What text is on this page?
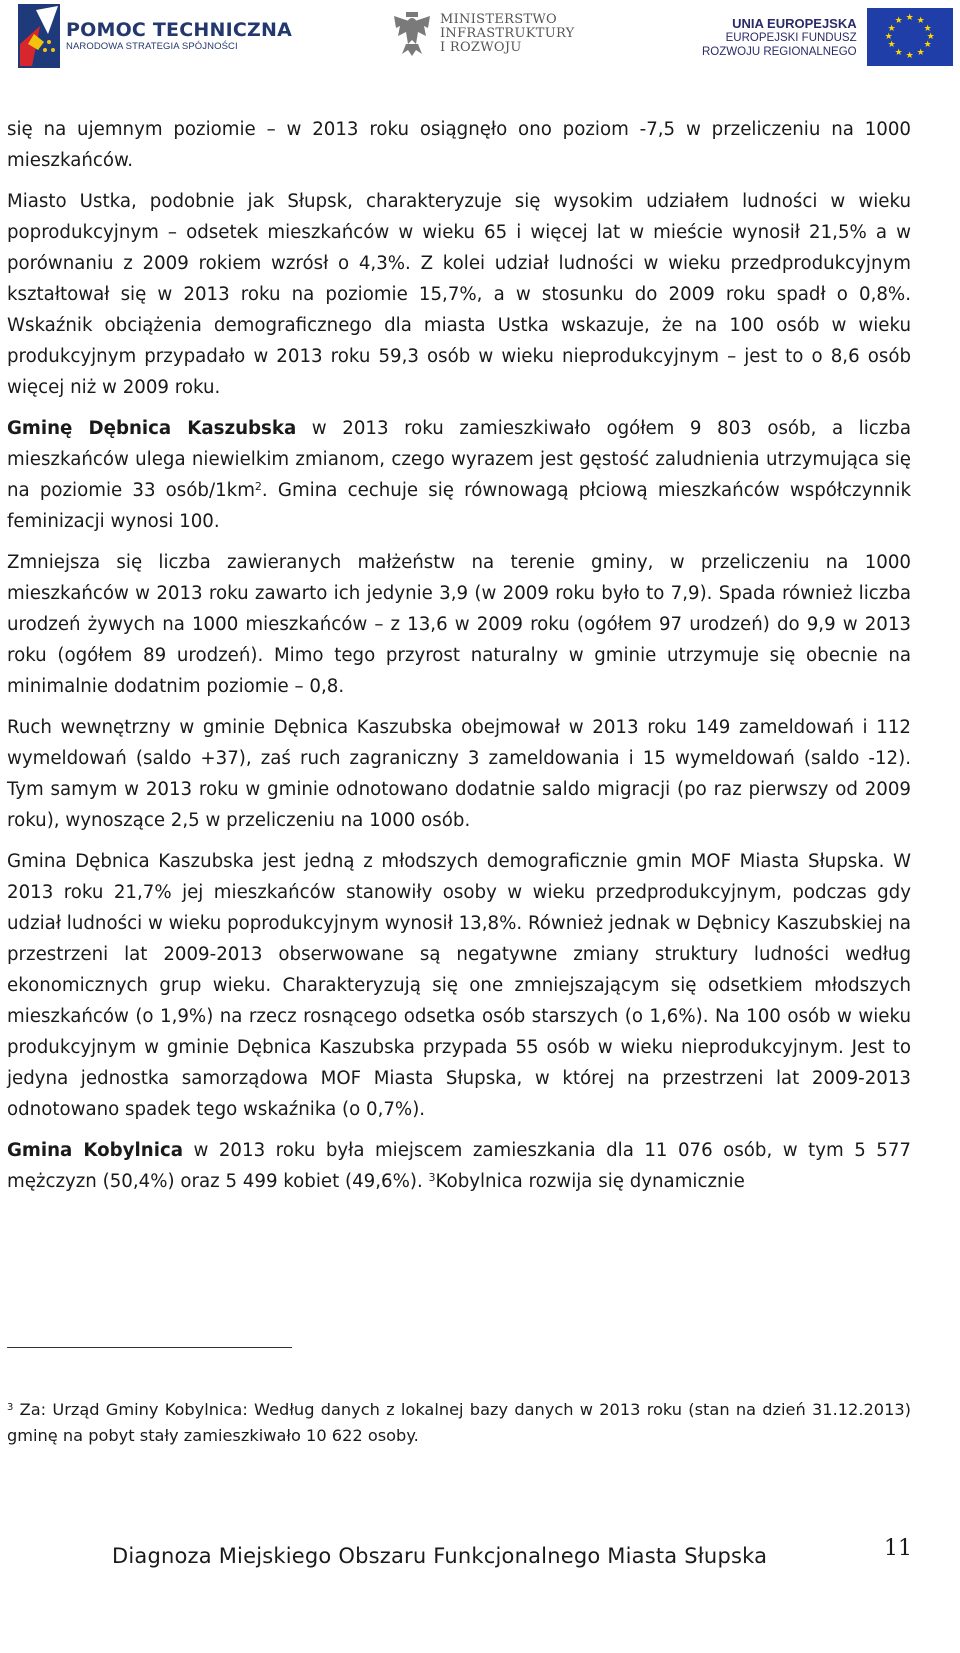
POMOC TECHNICZNA
NARODOWA STRATEGIA SPÓJNOŚCI
MINISTERSTWO
INFRASTRUKTURY
I ROZWOJU
UNIA EUROPEJSKA
EUROPEJSKI FUNDUSZ
ROZWOJU REGIONALNEGO
★ ★
★
★
★
★
★
★
★
★
★
★

się na ujemnym poziomie – w 2013 roku osiągnęło ono poziom -7,5 w przeliczeniu na 1000 mieszkańców.

Miasto Ustka, podobnie jak Słupsk, charakteryzuje się wysokim udziałem ludności w wieku poprodukcyjnym – odsetek mieszkańców w wieku 65 i więcej lat w mieście wynosił 21,5% a w porównaniu z 2009 rokiem wzrósł o 4,3%. Z kolei udział ludności w wieku przedprodukcyjnym kształtował się w 2013 roku na poziomie 15,7%, a w stosunku do 2009 roku spadł o 0,8%. Wskaźnik obciążenia demograficznego dla miasta Ustka wskazuje, że na 100 osób w wieku produkcyjnym przypadało w 2013 roku 59,3 osób w wieku nieprodukcyjnym – jest to o 8,6 osób więcej niż w 2009 roku.

Gminę Dębnica Kaszubska w 2013 roku zamieszkiwało ogółem 9 803 osób, a liczba mieszkańców ulega niewielkim zmianom, czego wyrazem jest gęstość zaludnienia utrzymująca się na poziomie 33 osób/$1km^2$. Gmina cechuje się równowagą płciową mieszkańców współczynnik feminizacji wynosi 100.

Zmniejsza się liczba zawieranych małżeństw na terenie gminy, w przeliczeniu na 1000 mieszkańców w 2013 roku zawarto ich jedynie 3,9 (w 2009 roku było to 7,9). Spada również liczba urodzeń żywych na 1000 mieszkańców – z 13,6 w 2009 roku (ogółem 97 urodzeń) do 9,9 w 2013 roku (ogółem 89 urodzeń). Mimo tego przyrost naturalny w gminie utrzymuje się obecnie na minimalnie dodatnim poziomie – 0,8.

Ruch wewnętrzny w gminie Dębnica Kaszubska obejmował w 2013 roku 149 zameldowań i 112 wymeldowań (saldo +37), zaś ruch zagraniczny 3 zameldowania i 15 wymeldowań (saldo -12). Tym samym w 2013 roku w gminie odnotowano dodatnie saldo migracji (po raz pierwszy od 2009 roku), wynoszące 2,5 w przeliczeniu na 1000 osób.

Gmina Dębnica Kaszubska jest jedną z młodszych demograficznie gmin MOF Miasta Słupska. W 2013 roku 21,7% jej mieszkańców stanowiły osoby w wieku przedprodukcyjnym, podczas gdy udział ludności w wieku poprodukcyjnym wynosił 13,8%. Również jednak w Dębnicy Kaszubskiej na przestrzeni lat 2009-2013 obserwowane są negatywne zmiany struktury ludności według ekonomicznych grup wieku. Charakteryzują się one zmniejszającym się odsetkiem młodszych mieszkańców (o 1,9%) na rzecz rosnącego odsetka osób starszych (o 1,6%). Na 100 osób w wieku produkcyjnym w gminie Dębnica Kaszubska przypada 55 osób w wieku nieprodukcyjnym. Jest to jedyna jednostka samorządowa MOF Miasta Słupska, w której na przestrzeni lat 2009-2013 odnotowano spadek tego wskaźnika (o 0,7%).

Gmina Kobylnica w 2013 roku była miejscem zamieszkania dla 11 076 osób, w tym 5 577 mężczyzn (50,4%) oraz 5 499 kobiet (49,6%). $^3$Kobylnica rozwija się dynamicznie

$^3$ Za: Urząd Gminy Kobylnica: Według danych z lokalnej bazy danych w 2013 roku (stan na dzień 31.12.2013) gminę na pobyt stały zamieszkiwało 10 622 osoby.
Diagnoza Miejskiego Obszaru Funkcjonalnego Miasta Słupska	11
